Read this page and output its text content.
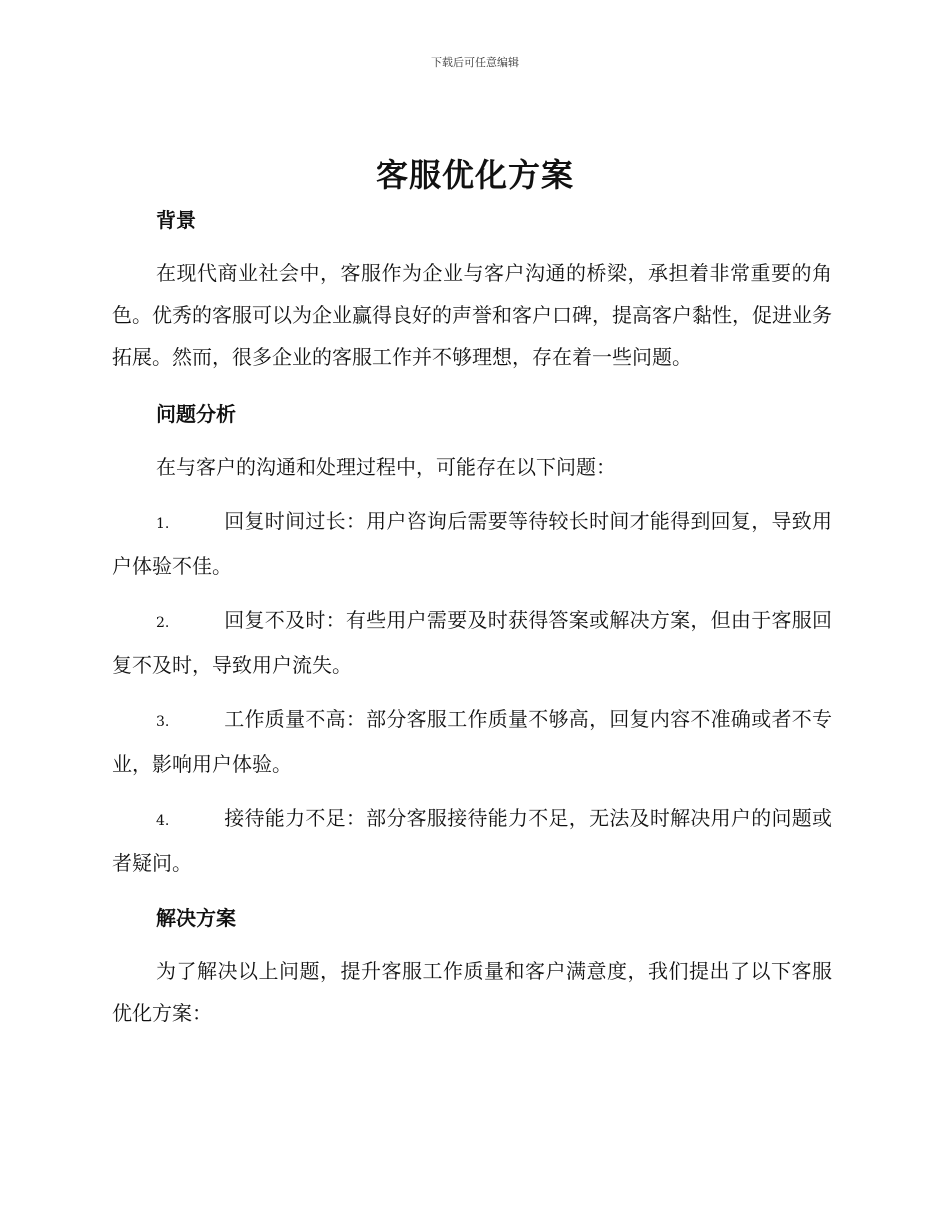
下载后可任意编辑
客服优化方案
背景

在现代商业社会中，客服作为企业与客户沟通的桥梁，承担着非常重要的角色。优秀的客服可以为企业赢得良好的声誉和客户口碑，提高客户黏性，促进业务拓展。然而，很多企业的客服工作并不够理想，存在着一些问题。

问题分析

在与客户的沟通和处理过程中，可能存在以下问题：

1.	回复时间过长：用户咨询后需要等待较长时间才能得到回复，导致用户体验不佳。

2.	回复不及时：有些用户需要及时获得答案或解决方案，但由于客服回复不及时，导致用户流失。

3.	工作质量不高：部分客服工作质量不够高，回复内容不准确或者不专业，影响用户体验。

4.	接待能力不足：部分客服接待能力不足，无法及时解决用户的问题或者疑问。

解决方案

为了解决以上问题，提升客服工作质量和客户满意度，我们提出了以下客服优化方案：
